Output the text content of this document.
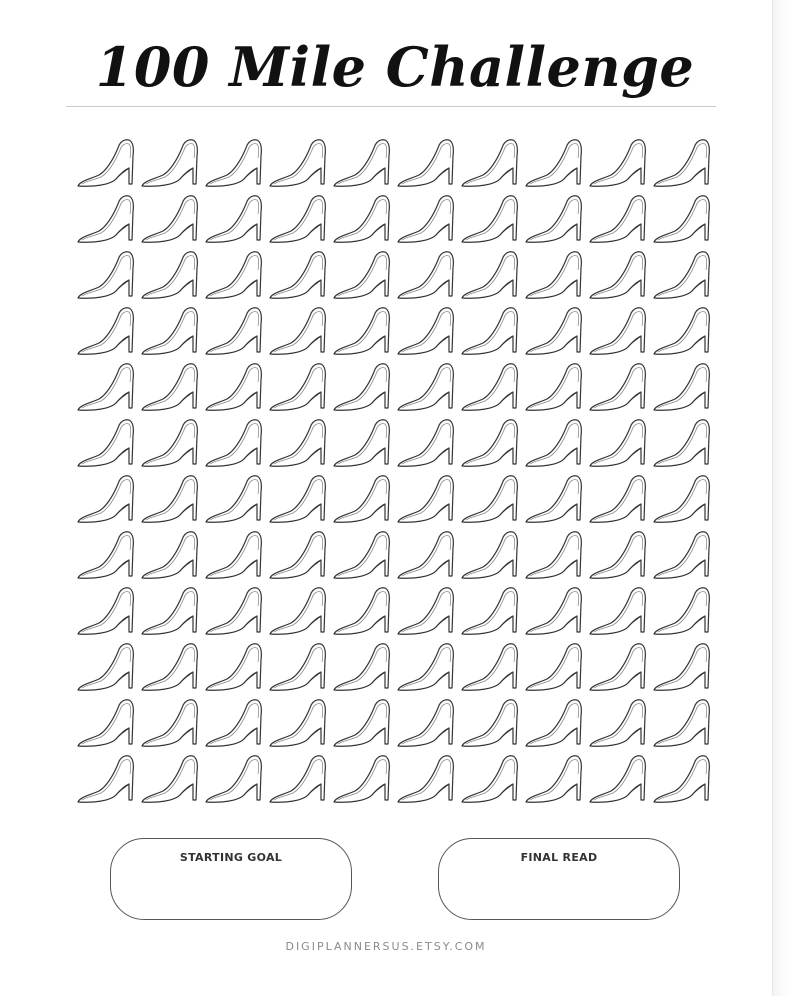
100 Mile Challenge
STARTING GOAL	FINAL READ
DIGIPLANNERSUS.ETSY.COM
